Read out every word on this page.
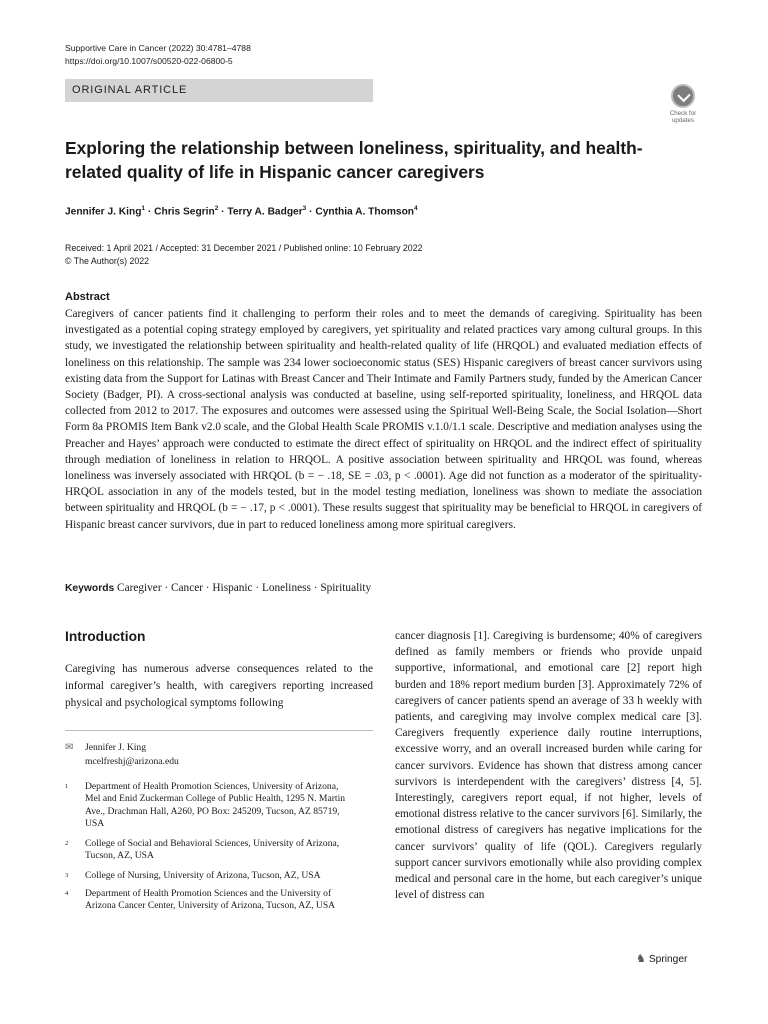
Supportive Care in Cancer (2022) 30:4781–4788
https://doi.org/10.1007/s00520-022-06800-5
ORIGINAL ARTICLE
Check for updates
Exploring the relationship between loneliness, spirituality, and health-related quality of life in Hispanic cancer caregivers
Jennifer J. King$^1$ · Chris Segrin$^2$ · Terry A. Badger$^3$ · Cynthia A. Thomson$^4$
Received: 1 April 2021 / Accepted: 31 December 2021 / Published online: 10 February 2022
© The Author(s) 2022
Abstract

Caregivers of cancer patients find it challenging to perform their roles and to meet the demands of caregiving. Spirituality has been investigated as a potential coping strategy employed by caregivers, yet spirituality and related practices vary among cultural groups. In this study, we investigated the relationship between spirituality and health-related quality of life (HRQOL) and evaluated mediation effects of loneliness on this relationship. The sample was 234 lower socioeconomic status (SES) Hispanic caregivers of breast cancer survivors using existing data from the Support for Latinas with Breast Cancer and Their Intimate and Family Partners study, funded by the American Cancer Society (Badger, PI). A cross-sectional analysis was conducted at baseline, using self-reported spirituality, loneliness, and HRQOL data collected from 2012 to 2017. The exposures and outcomes were assessed using the Spiritual Well-Being Scale, the Social Isolation—Short Form 8a PROMIS Item Bank v2.0 scale, and the Global Health Scale PROMIS v.1.0/1.1 scale. Descriptive and mediation analyses using the Preacher and Hayes’ approach were conducted to estimate the direct effect of spirituality on HRQOL and the indirect effect of spirituality through mediation of loneliness in relation to HRQOL. A positive association between spirituality and HRQOL was found, whereas loneliness was inversely associated with HRQOL (b = − .18, SE = .03, p < .0001). Age did not function as a moderator of the spirituality-HRQOL association in any of the models tested, but in the model testing mediation, loneliness was shown to mediate the association between spirituality and HRQOL (b = − .17, p < .0001). These results suggest that spirituality may be beneficial to HRQOL in caregivers of Hispanic breast cancer survivors, due in part to reduced loneliness among more spiritual caregivers.

Keywords Caregiver · Cancer · Hispanic · Loneliness · Spirituality
Introduction

Caregiving has numerous adverse consequences related to the informal caregiver’s health, with caregivers reporting increased physical and psychological symptoms following

cancer diagnosis [1]. Caregiving is burdensome; 40% of caregivers defined as family members or friends who provide unpaid supportive, informational, and emotional care [2] report high burden and 18% report medium burden [3]. Approximately 72% of caregivers of cancer patients spend an average of 33 h weekly with patients, and caregiving may involve complex medical care [3]. Caregivers frequently experience daily routine interruptions, excessive worry, and an overall increased burden while caring for cancer survivors. Evidence has shown that distress among cancer survivors is interdependent with the caregivers’ distress [4, 5]. Interestingly, caregivers report equal, if not higher, levels of emotional distress relative to the cancer survivors [6]. Similarly, the emotional distress of caregivers has negative implications for the cancer survivors’ quality of life (QOL). Caregivers regularly support cancer survivors emotionally while also providing complex medical and personal care in the home, but each caregiver’s unique level of distress can

✉ Jennifer J. King
mcelfreshj@arizona.edu
1 Department of Health Promotion Sciences, University of Arizona, Mel and Enid Zuckerman College of Public Health, 1295 N. Martin Ave., Drachman Hall, A260, PO Box: 245209, Tucson, AZ 85719, USA
2 College of Social and Behavioral Sciences, University of Arizona, Tucson, AZ, USA
3 College of Nursing, University of Arizona, Tucson, AZ, USA
4 Department of Health Promotion Sciences and the University of Arizona Cancer Center, University of Arizona, Tucson, AZ, USA
♞ Springer
